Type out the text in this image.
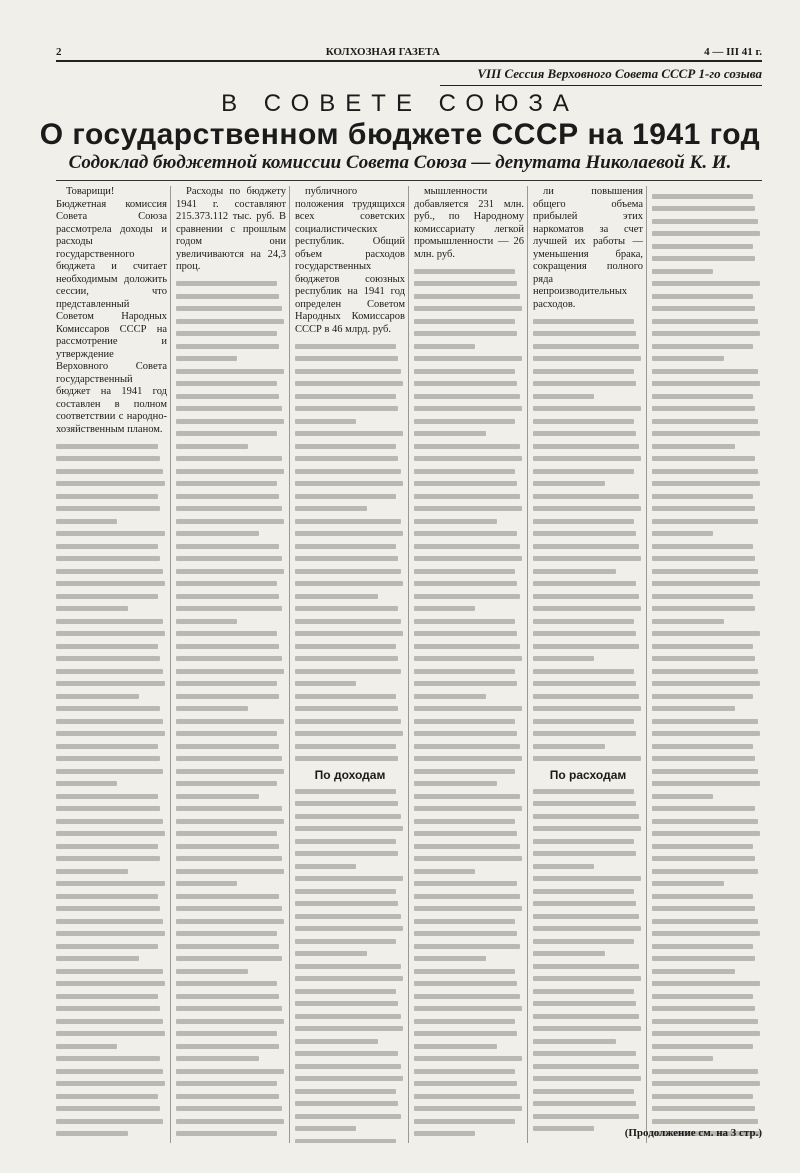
2	КОЛХОЗНАЯ ГАЗЕТА	4 — III 41 г.
VIII Сессия Верховного Совета СССР 1-го созыва
В СОВЕТЕ СОЮЗА
О государственном бюджете СССР на 1941 год
Содоклад бюджетной комиссии Совета Союза — депутата Николаевой К. И.

Товарищи! Бюджетная комиссия Совета Союза рассмотрела доходы и расходы государственного бюджета и считает необходимым доложить сессии, что представленный Советом Народных Комиссаров СССР на рассмотрение и утверждение Верховного Совета государственный бюджет на 1941 год составлен в полном соответствии с народно-хозяйственным планом.

Расходы по бюджету 1941 г. составляют 215.373.112 тыс. руб. В сравнении с прошлым годом они увеличиваются на 24,3 проц.

публичного положения трудящихся всех советских социалистических республик. Общий объем расходов государственных бюджетов союзных республик на 1941 год определен Советом Народных Комиссаров СССР в 46 млрд. руб.

По доходам

мышленности добавляется 231 млн. руб., по Народному комиссариату легкой промышленности — 26 млн. руб.

ли повышения общего объема прибылей этих наркоматов за счет лучшей их работы — уменьшения брака, сокращения полного ряда непроизводительных расходов.

По расходам
(Продолжение см. на 3 стр.)
